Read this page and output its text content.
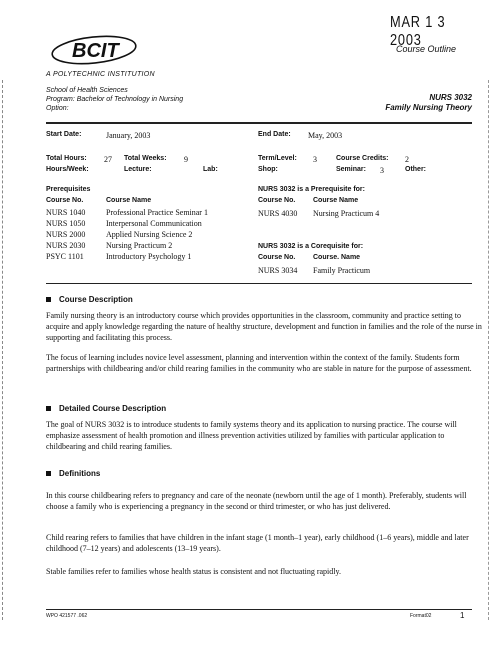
MAR 1 3 2003
Course Outline
BCIT
A POLYTECHNIC INSTITUTION
School of Health Sciences
Program: Bachelor of Technology in Nursing
Option:
NURS 3032
Family Nursing Theory
Start Date:	January, 2003	End Date: May, 2003
Total Hours: 27 Total Weeks: 9	Term/Level: 3	Course Credits: 2
Hours/Week:	Lecture:	Lab:	Shop:	Seminar: 3	Other:
Prerequisites
Course No.	Course Name
NURS 1040	Professional Practice Seminar 1
NURS 1050	Interpersonal Communication
NURS 2000	Applied Nursing Science 2
NURS 2030	Nursing Practicum 2
PSYC 1101	Introductory Psychology 1
NURS 3032 is a Prerequisite for:
Course No.	Course Name
NURS 4030 Nursing Practicum 4
NURS 3032 is a Corequisite for:
Course No.	Course. Name
NURS 3034 Family Practicum
Course Description
Family nursing theory is an introductory course which provides opportunities in the classroom, community and practice setting to acquire and apply knowledge regarding the nature of healthy structure, development and function in families and the role of the nurse in supporting and facilitating this process.
The focus of learning includes novice level assessment, planning and intervention within the context of the family. Students form partnerships with childbearing and/or child rearing families in the community who are stable in nature for the purpose of assessment.
Detailed Course Description
The goal of NURS 3032 is to introduce students to family systems theory and its application to nursing practice. The course will emphasize assessment of health promotion and illness prevention activities utilized by families with particular application to childbearing and child rearing families.
Definitions
In this course childbearing refers to pregnancy and care of the neonate (newborn until the age of 1 month). Preferably, students will choose a family who is experiencing a pregnancy in the second or third trimester, or who has just delivered.
Child rearing refers to families that have children in the infant stage (1 month–1 year), early childhood (1–6 years), middle and later childhood (7–12 years) and adolescents (13–19 years).
Stable families refer to families whose health status is consistent and not fluctuating rapidly.
WPO 421577 .062	Format02	1
